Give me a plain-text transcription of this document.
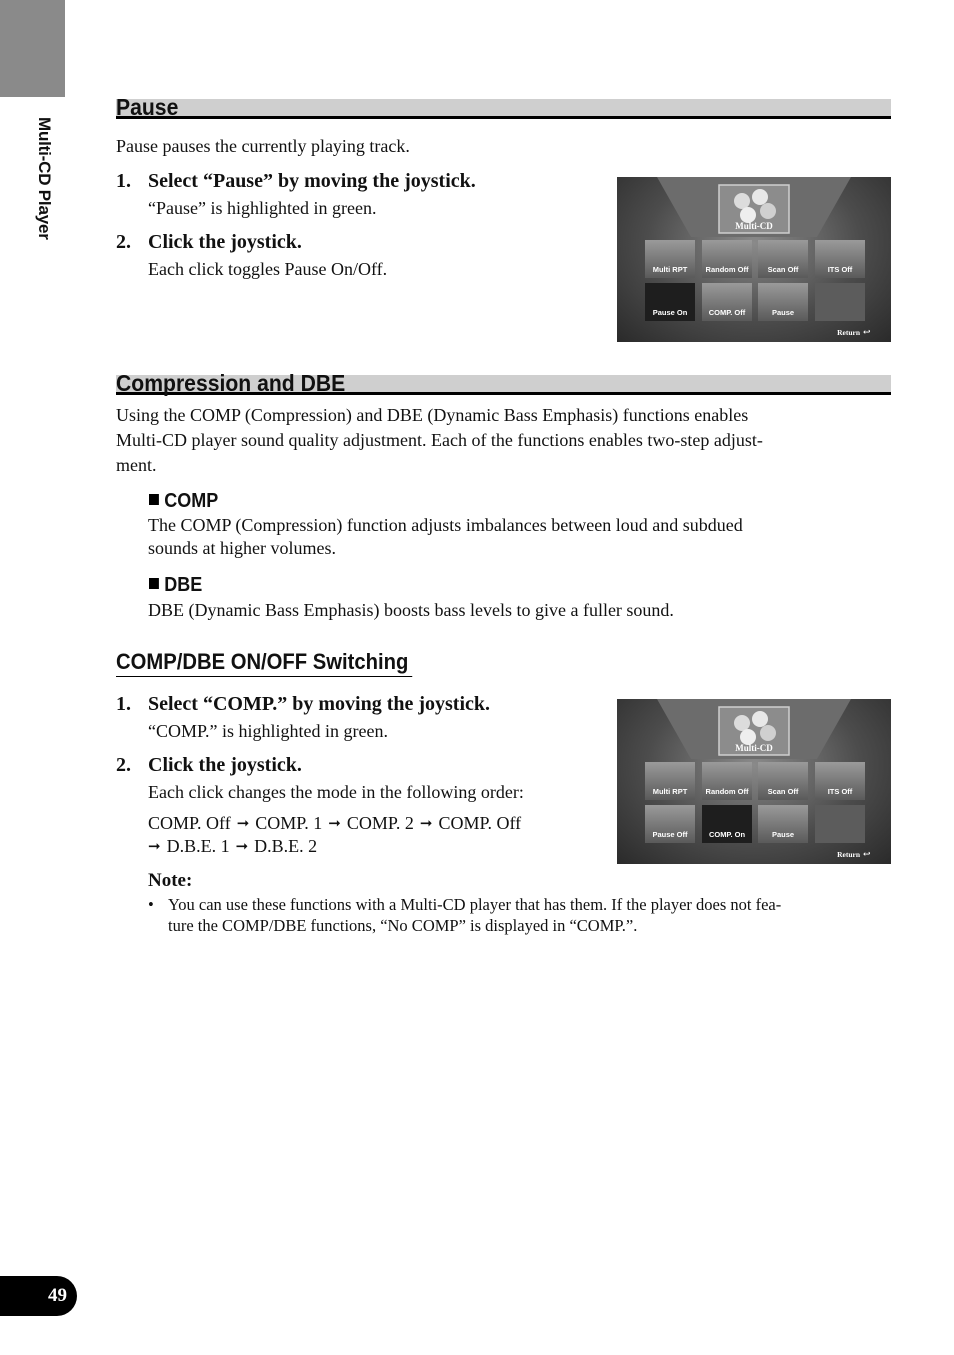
Multi-CD Player
Pause
Pause pauses the currently playing track.
1. Select “Pause” by moving the joystick.
“Pause” is highlighted in green.
2. Click the joystick.
Each click toggles Pause On/Off.
Multi-CD
Multi RPT Random Off	Scan Off	ITS Off
Pause On	COMP. Off	Pause
Return ↩
Compression and DBE
Using the COMP (Compression) and DBE (Dynamic Bass Emphasis) functions enables
Multi-CD player sound quality adjustment. Each of the functions enables two-step adjust-
ment.
COMP
The COMP (Compression) function adjusts imbalances between loud and subdued
sounds at higher volumes.
DBE
DBE (Dynamic Bass Emphasis) boosts bass levels to give a fuller sound.
COMP/DBE ON/OFF Switching
1. Select “COMP.” by moving the joystick.
“COMP.” is highlighted in green.
2. Click the joystick.
Each click changes the mode in the following order:
COMP. Off ➞ COMP. 1 ➞ COMP. 2 ➞ COMP. Off
➞ D.B.E. 1 ➞ D.B.E. 2
Multi-CD
Multi RPT Random Off	Scan Off	ITS Off
Pause Off	COMP. On	Pause
Return ↩
Note:
• You can use these functions with a Multi-CD player that has them. If the player does not fea-
ture the COMP/DBE functions, “No COMP” is displayed in “COMP.”.
49
